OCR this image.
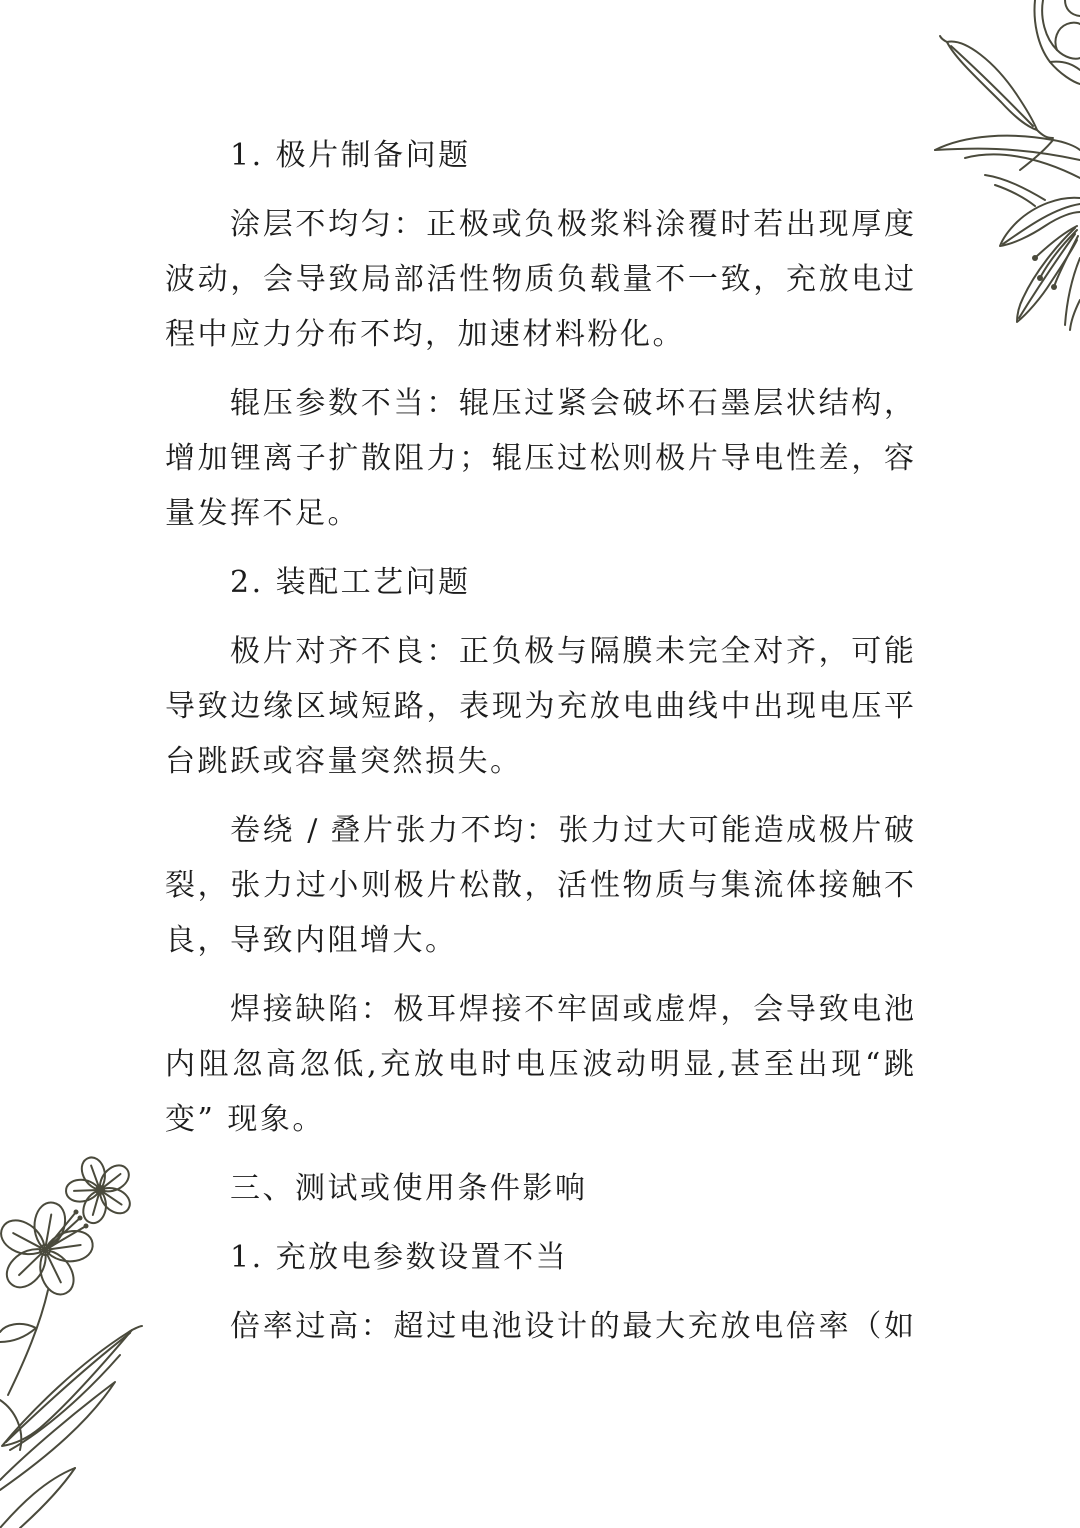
1. 极片制备问题
涂层不均匀：正极或负极浆料涂覆时若出现厚度
波动，会导致局部活性物质负载量不一致，充放电过
程中应力分布不均，加速材料粉化。
辊压参数不当：辊压过紧会破坏石墨层状结构，
增加锂离子扩散阻力；辊压过松则极片导电性差，容
量发挥不足。
2. 装配工艺问题
极片对齐不良：正负极与隔膜未完全对齐，可能
导致边缘区域短路，表现为充放电曲线中出现电压平
台跳跃或容量突然损失。
卷绕 / 叠片张力不均：张力过大可能造成极片破
裂，张力过小则极片松散，活性物质与集流体接触不
良，导致内阻增大。
焊接缺陷：极耳焊接不牢固或虚焊，会导致电池
内阻忽高忽低,充放电时电压波动明显,甚至出现“跳
变” 现象。
三、测试或使用条件影响
1. 充放电参数设置不当
倍率过高：超过电池设计的最大充放电倍率（如
